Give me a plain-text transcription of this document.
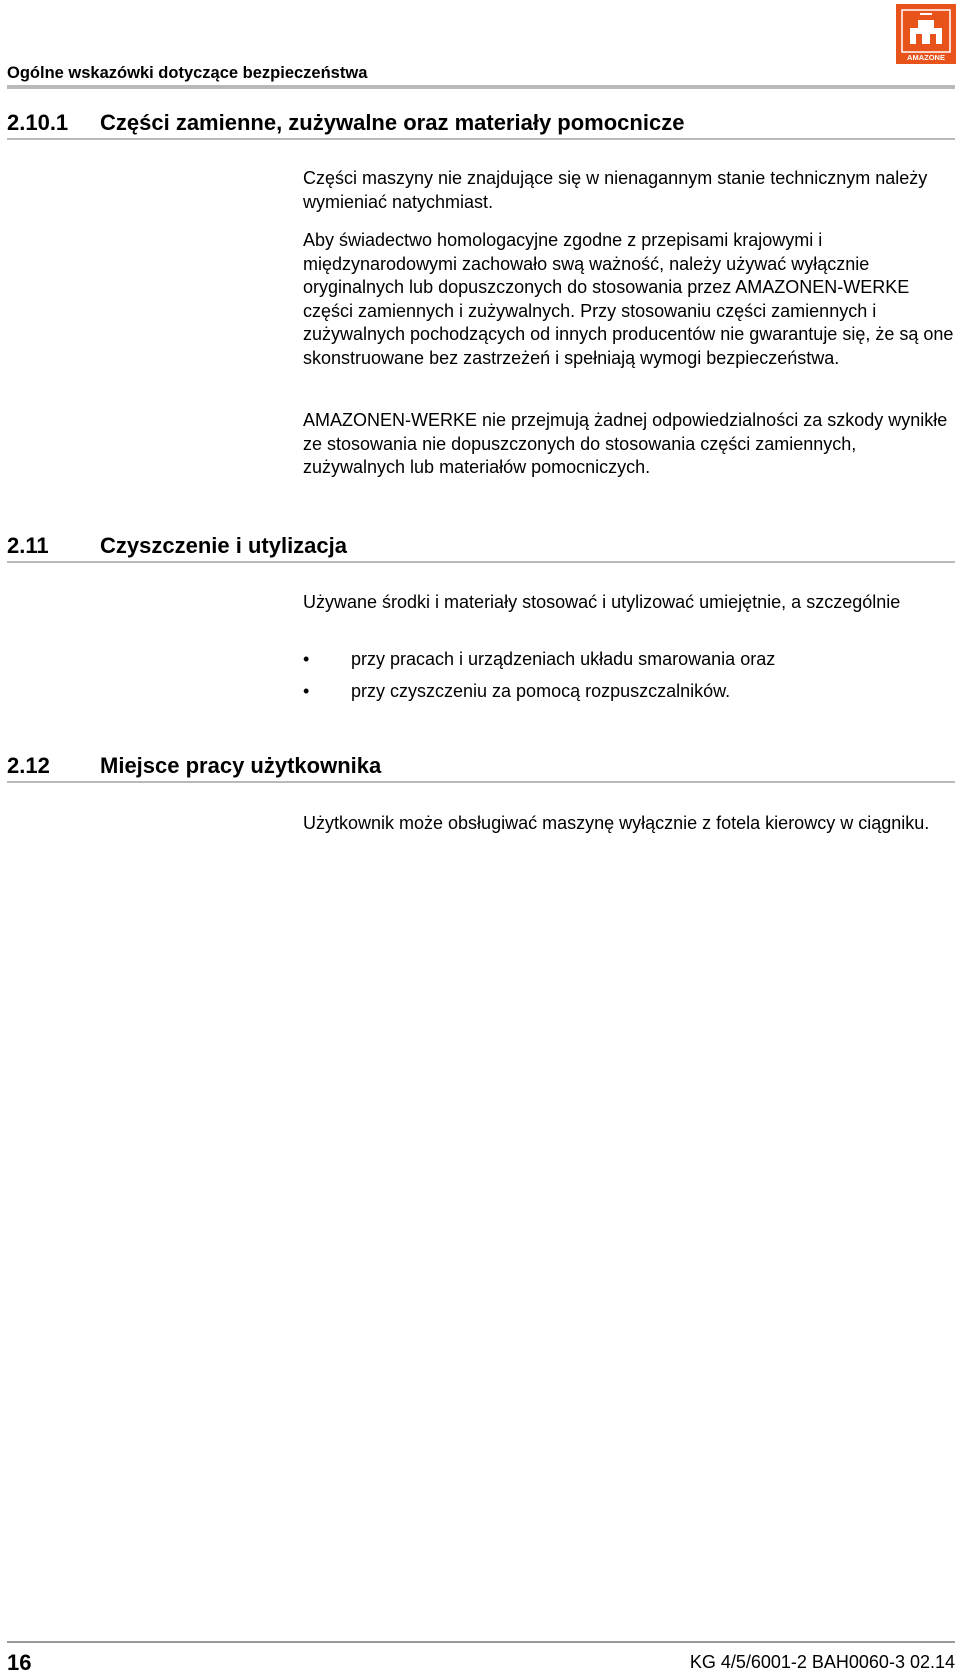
Ogólne wskazówki dotyczące bezpieczeństwa
AMAZONE
2.10.1 Części zamienne, zużywalne oraz materiały pomocnicze
Części maszyny nie znajdujące się w nienagannym stanie technicznym należy wymieniać natychmiast.
Aby świadectwo homologacyjne zgodne z przepisami krajowymi i międzynarodowymi zachowało swą ważność, należy używać wyłącznie oryginalnych lub dopuszczonych do stosowania przez AMAZONEN-WERKE części zamiennych i zużywalnych. Przy stosowaniu części zamiennych i zużywalnych pochodzących od innych producentów nie gwarantuje się, że są one skonstruowane bez zastrzeżeń i spełniają wymogi bezpieczeństwa.
AMAZONEN-WERKE nie przejmują żadnej odpowiedzialności za szkody wynikłe ze stosowania nie dopuszczonych do stosowania części zamiennych, zużywalnych lub materiałów pomocniczych.
2.11 Czyszczenie i utylizacja
Używane środki i materiały stosować i utylizować umiejętnie, a szczególnie
• przy pracach i urządzeniach układu smarowania oraz
• przy czyszczeniu za pomocą rozpuszczalników.
2.12 Miejsce pracy użytkownika
Użytkownik może obsługiwać maszynę wyłącznie z fotela kierowcy w ciągniku.
16	KG 4/5/6001-2 BAH0060-3 02.14
